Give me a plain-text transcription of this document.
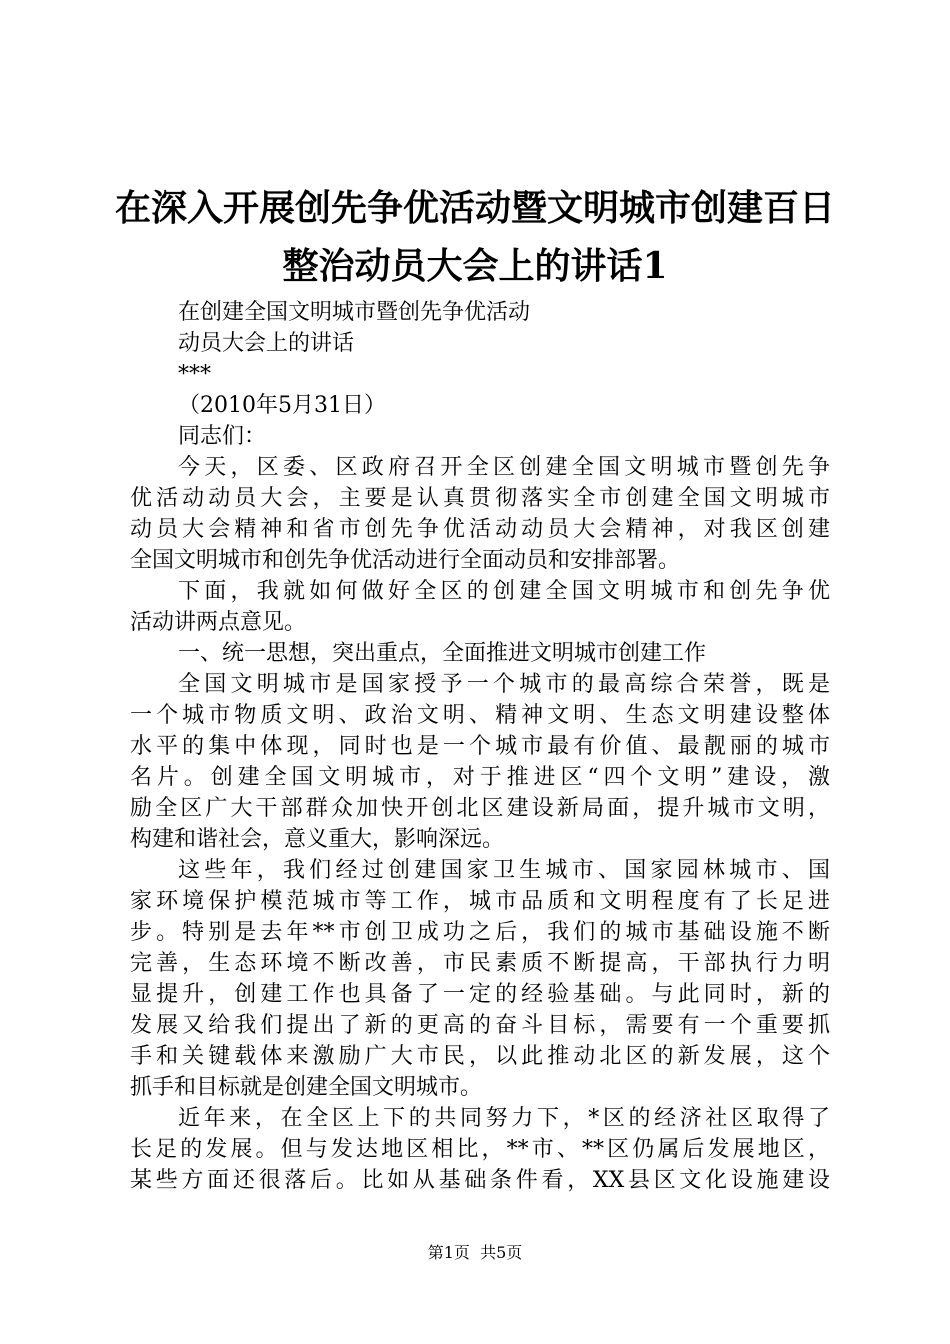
在深入开展创先争优活动暨文明城市创建百日
整治动员大会上的讲话1
在创建全国文明城市暨创先争优活动
动员大会上的讲话
***
（2010年5月31日）
同志们：
今天，区委、区政府召开全区创建全国文明城市暨创先争
优活动动员大会，主要是认真贯彻落实全市创建全国文明城市
动员大会精神和省市创先争优活动动员大会精神，对我区创建
全国文明城市和创先争优活动进行全面动员和安排部署。
下面，我就如何做好全区的创建全国文明城市和创先争优
活动讲两点意见。
一、统一思想，突出重点，全面推进文明城市创建工作
全国文明城市是国家授予一个城市的最高综合荣誉，既是
一个城市物质文明、政治文明、精神文明、生态文明建设整体
水平的集中体现，同时也是一个城市最有价值、最靓丽的城市
名片。创建全国文明城市，对于推进区“四个文明”建设，激
励全区广大干部群众加快开创北区建设新局面，提升城市文明，
构建和谐社会，意义重大，影响深远。
这些年，我们经过创建国家卫生城市、国家园林城市、国
家环境保护模范城市等工作，城市品质和文明程度有了长足进
步。特别是去年**市创卫成功之后，我们的城市基础设施不断
完善，生态环境不断改善，市民素质不断提高，干部执行力明
显提升，创建工作也具备了一定的经验基础。与此同时，新的
发展又给我们提出了新的更高的奋斗目标，需要有一个重要抓
手和关键载体来激励广大市民，以此推动北区的新发展，这个
抓手和目标就是创建全国文明城市。
近年来，在全区上下的共同努力下，*区的经济社区取得了
长足的发展。但与发达地区相比，**市、**区仍属后发展地区，
某些方面还很落后。比如从基础条件看，XX县区文化设施建设
第1页  共5页
